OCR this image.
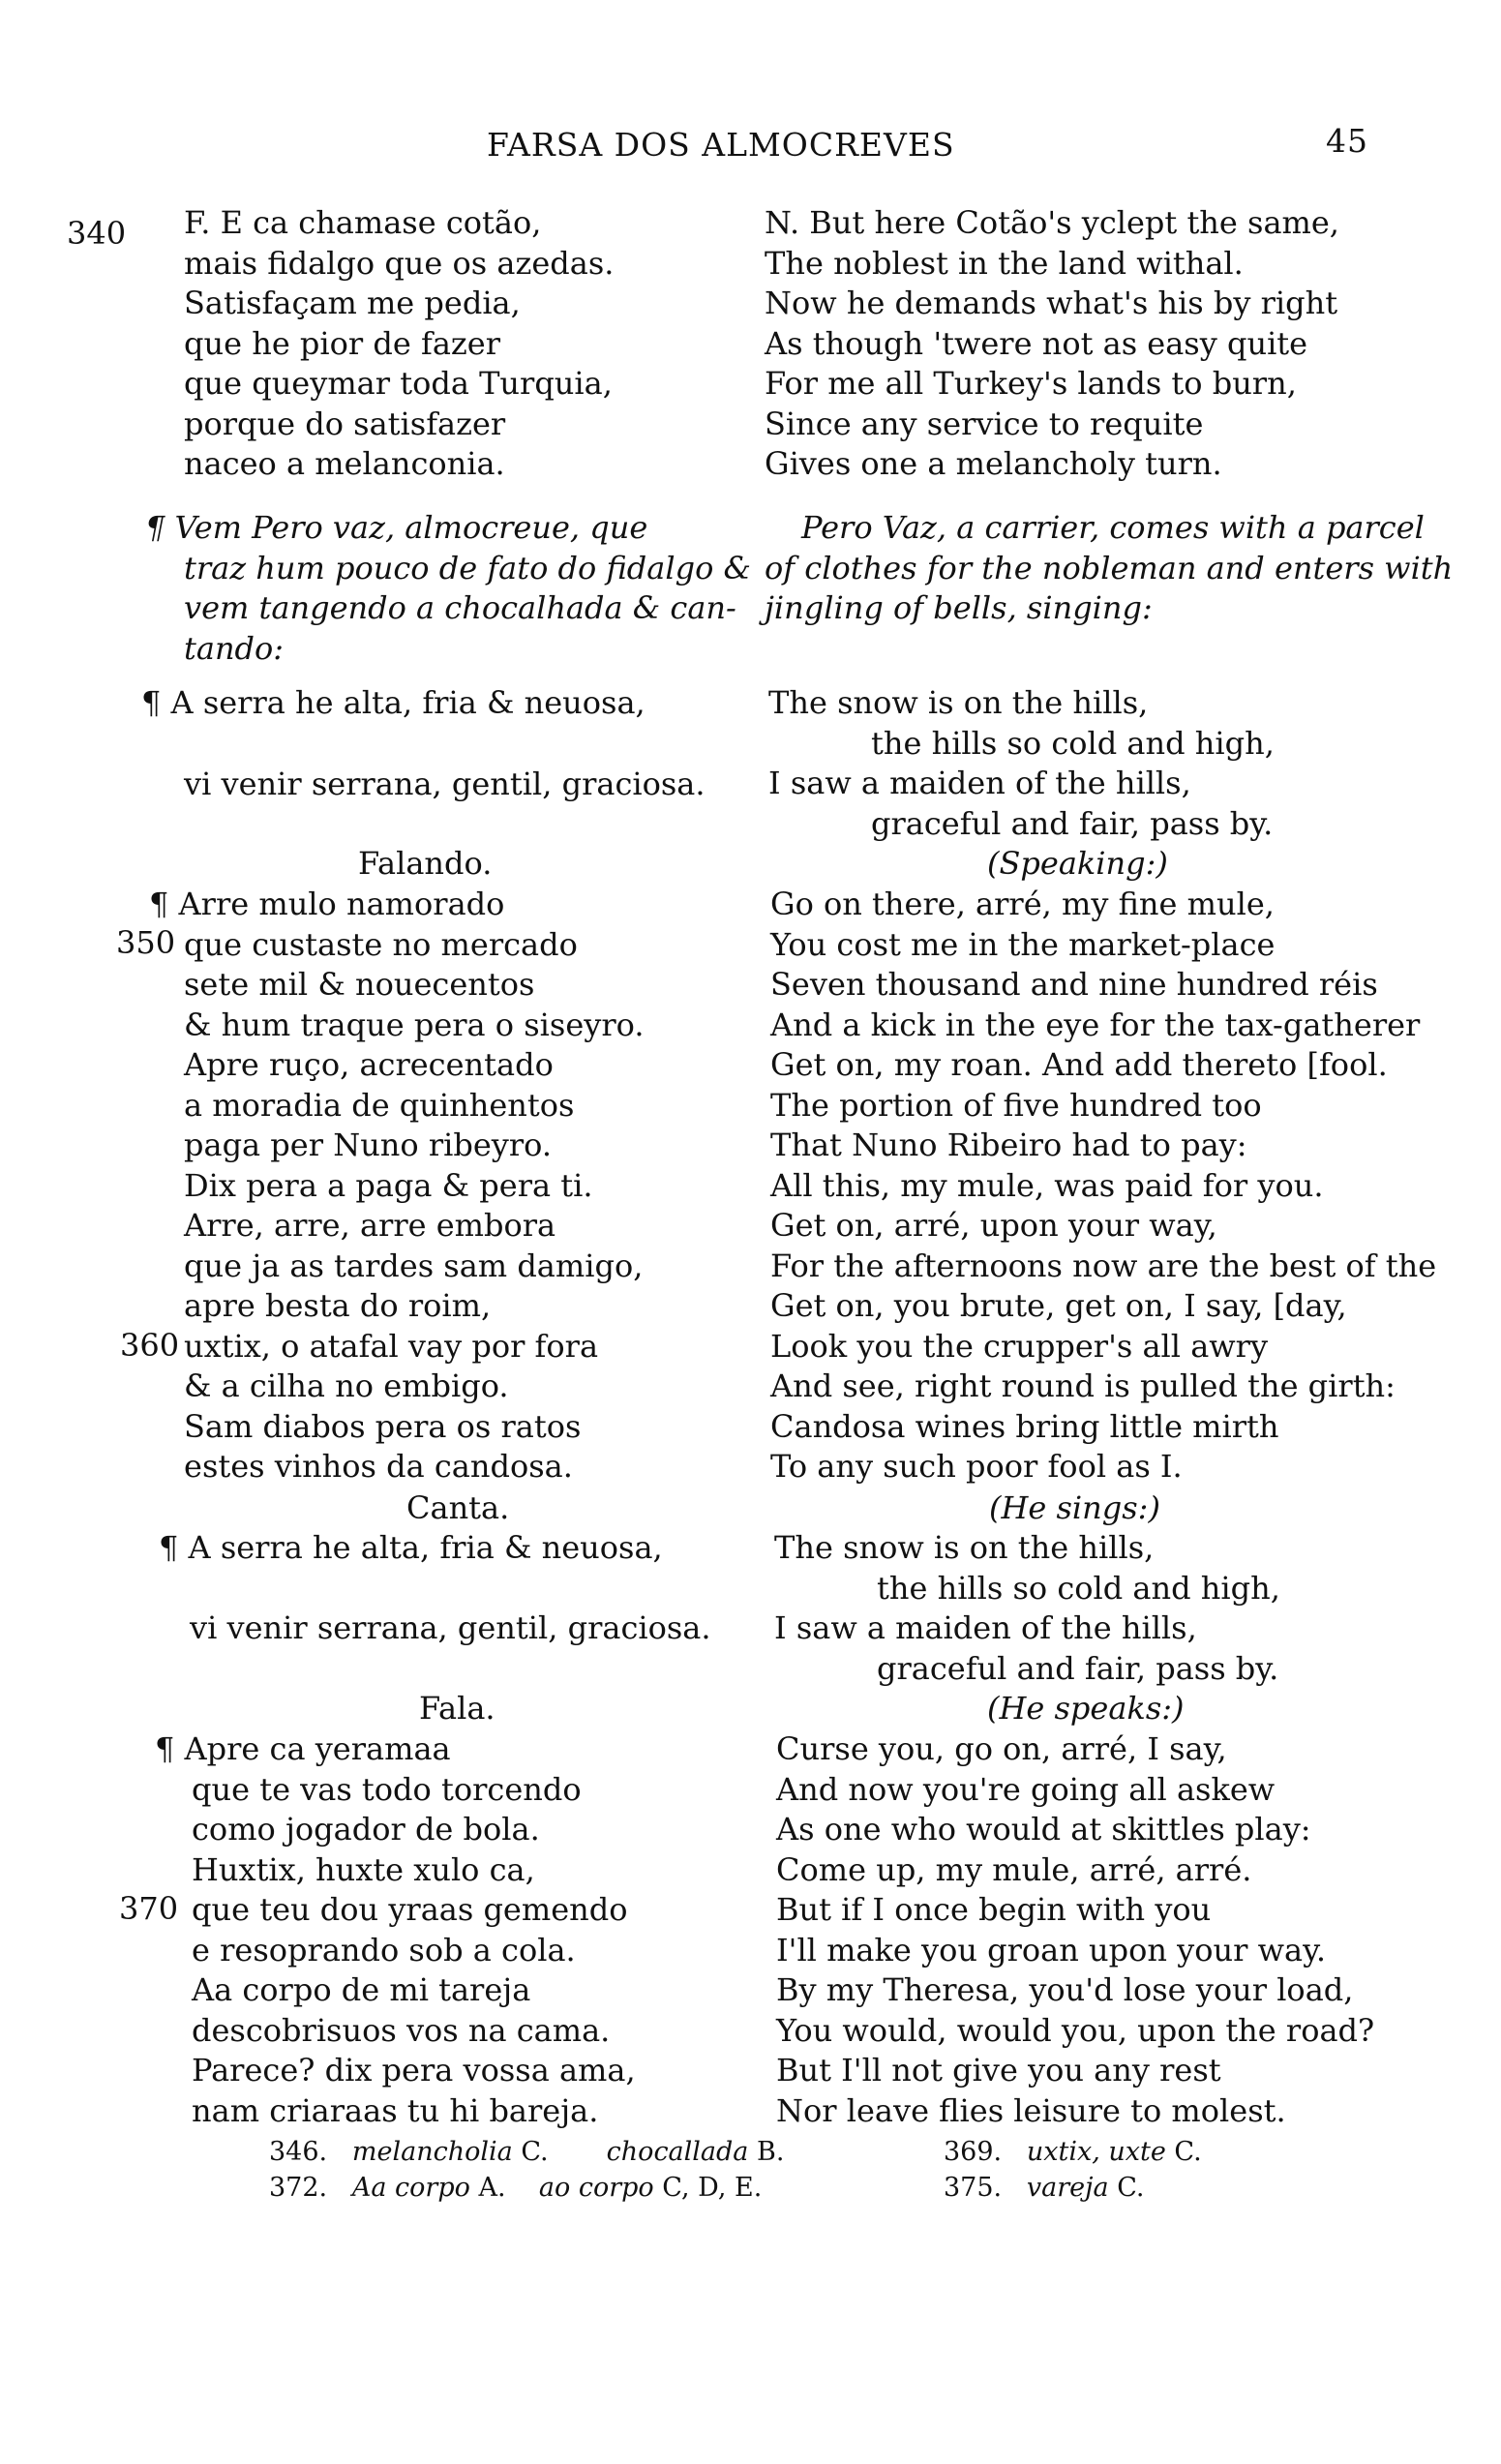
FARSA DOS ALMOCREVES	45
340
350
360
370
F. E ca chamase cotão,
mais fidalgo que os azedas.
Satisfaçam me pedia,
que he pior de fazer
que queymar toda Turquia,
porque do satisfazer
naceo a melanconia.
¶ Vem Pero vaz, almocreue, que
traz hum pouco de fato do fidalgo &
vem tangendo a chocalhada & can-
tando:
¶ A serra he alta, fria & neuosa,
vi venir serrana, gentil, graciosa.
Falando.
¶ Arre mulo namorado
que custaste no mercado
sete mil & nouecentos
& hum traque pera o siseyro.
Apre ruço, acrecentado
a moradia de quinhentos
paga per Nuno ribeyro.
Dix pera a paga & pera ti.
Arre, arre, arre embora
que ja as tardes sam damigo,
apre besta do roim,
uxtix, o atafal vay por fora
& a cilha no embigo.
Sam diabos pera os ratos
estes vinhos da candosa.
Canta.
¶ A serra he alta, fria & neuosa,
vi venir serrana, gentil, graciosa.
Fala.
¶ Apre ca yeramaa
que te vas todo torcendo
como jogador de bola.
Huxtix, huxte xulo ca,
que teu dou yraas gemendo
e resoprando sob a cola.
Aa corpo de mi tareja
descobrisuos vos na cama.
Parece? dix pera vossa ama,
nam criaraas tu hi bareja.
N. But here Cotão's yclept the same,
The noblest in the land withal.
Now he demands what's his by right
As though 'twere not as easy quite
For me all Turkey's lands to burn,
Since any service to requite
Gives one a melancholy turn.
Pero Vaz, a carrier, comes with a parcel
of clothes for the nobleman and enters with
jingling of bells, singing:
The snow is on the hills,
the hills so cold and high,
I saw a maiden of the hills,
graceful and fair, pass by.
(Speaking:)
Go on there, arré, my fine mule,
You cost me in the market-place
Seven thousand and nine hundred réis
And a kick in the eye for the tax-gatherer
Get on, my roan. And add thereto [fool.
The portion of five hundred too
That Nuno Ribeiro had to pay:
All this, my mule, was paid for you.
Get on, arré, upon your way,
For the afternoons now are the best of the
Get on, you brute, get on, I say, [day,
Look you the crupper's all awry
And see, right round is pulled the girth:
Candosa wines bring little mirth
To any such poor fool as I.
(He sings:)
The snow is on the hills,
the hills so cold and high,
I saw a maiden of the hills,
graceful and fair, pass by.
(He speaks:)
Curse you, go on, arré, I say,
And now you're going all askew
As one who would at skittles play:
Come up, my mule, arré, arré.
But if I once begin with you
I'll make you groan upon your way.
By my Theresa, you'd lose your load,
You would, would you, upon the road?
But I'll not give you any rest
Nor leave flies leisure to molest.
346. melancholia C. chocallada B.	369. uxtix, uxte C.
372. Aa corpo A. ao corpo C, D, E.	375. vareja C.
